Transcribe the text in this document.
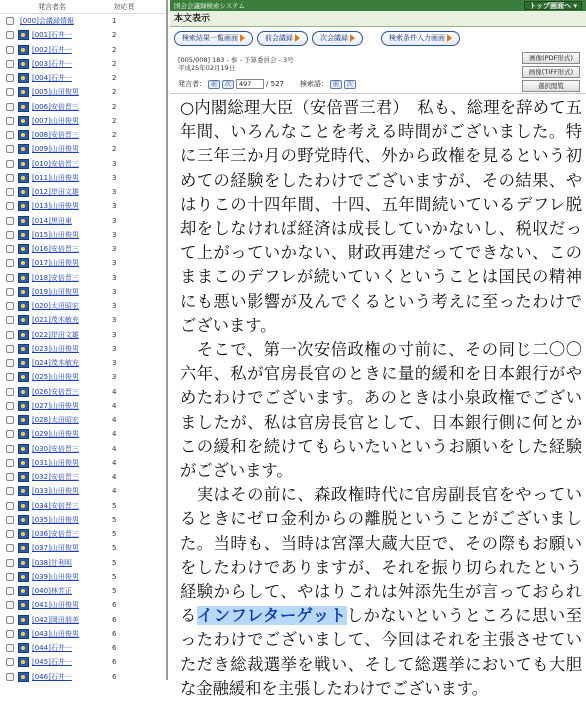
発言者名	対応頁
[000]会議録情報	1
[001]石井一	2
[002]石井一	2
[003]石井一	2
[004]石井一	2
[005]山田俊男	2
[006]安倍晋三	2
[007]山田俊男	2
[008]安倍晋三	2
[009]山田俊男	2
[010]安倍晋三	3
[011]山田俊男	3
[012]岸田文雄	3
[013]山田俊男	3
[014]黒田東	3
[015]山田俊男	3
[016]安倍晋三	3
[017]山田俊男	3
[018]安倍晋三	3
[019]山田俊男	3
[020]太田昭宏	3
[021]茂木敏充	3
[022]岸田文雄	3
[023]山田俊男	3
[024]茂木敏充	3
[025]山田俊男	3
[026]安倍晋三	4
[027]山田俊男	4
[028]太田昭宏	4
[029]山田俊男	4
[030]安倍晋三	4
[031]山田俊男	4
[032]安倍晋三	4
[033]山田俊男	4
[034]安倍晋三	5
[035]山田俊男	5
[036]安倍晋三	5
[037]山田俊男	5
[038]甘利明	5
[039]山田俊男	5
[040]林芳正	5
[041]山田俊男	6
[042]岡田朋美	6
[043]山田俊男	6
[044]石井一	6
[045]石井一	6
[046]石井一	6
国会会議録検索システム	トップ画面へ ▾
本文表示
検索結果一覧画面	前会議録	次会議録	検索条件入力画面
[005/008] 183 - 参 - 予算委員会 - 3号
平成25年02月19日
発言者： 前	次	497	/ 527 検索語： 前	次
画像(PDF形式)
画像(TIFF形式)
選択閲覧

○内閣総理大臣（安倍晋三君）　私も、総理を辞めて五年間、いろんなことを考える時間がございました。特に三年三か月の野党時代、外から政権を見るという初めての経験をしたわけでございますが、その結果、やはりこの十四年間、十四、五年間続いているデフレ脱却をしなければ経済は成長していかないし、税収だって上がっていかない、財政再建だってできない、このままこのデフレが続いていくということは国民の精神にも悪い影響が及んでくるという考えに至ったわけでございます。

　そこで、第一次安倍政権の寸前に、その同じ二〇〇六年、私が官房長官のときに量的緩和を日本銀行がやめたわけでございます。あのときは小泉政権でございましたが、私は官房長官として、日本銀行側に何とかこの緩和を続けてもらいたいというお願いをした経験がございます。

　実はその前に、森政権時代に官房副長官をやっているときにゼロ金利からの離脱ということがございました。当時も、当時は宮澤大蔵大臣で、その際もお願いをしたわけでありますが、それを振り切られたという経験からして、やはりこれは舛添先生が言っておられるインフレターゲットしかないというところに思い至ったわけでございまして、今回はそれを主張させていただき総裁選挙を戦い、そして総選挙においても大胆な金融緩和を主張したわけでございます。
